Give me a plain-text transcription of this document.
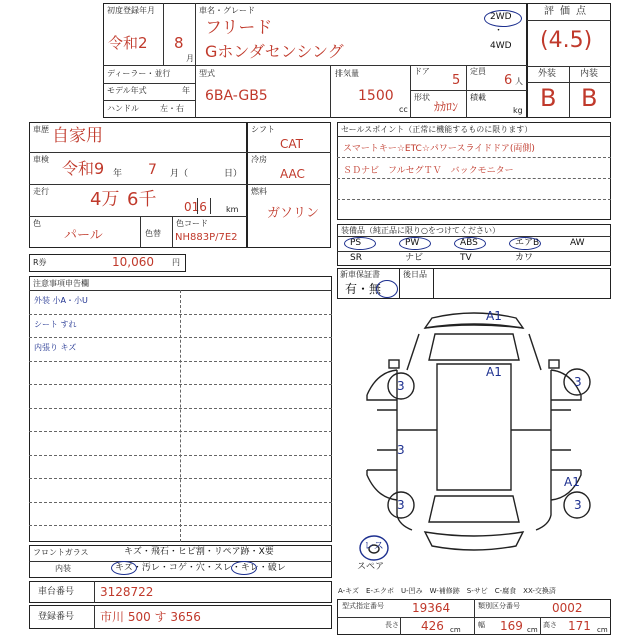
初度登録年月
令和2 8
月
車名・グレード
フリード
Gホンダセンシング
2WD
・
4WD
ディーラー・並行
モデル年式	年
ハンドル	左・右
型式
6BA-GB5
排気量
1500
cc
ドア
5
定員
6 人
形状
ｶｶﾛﾝ
積載
kg
評価点
(4.5)
外装	内装
B B
車歴 自家用
車検 令和9 年 7 月（	日）
走行 4万 6千 016 km
色
パール	色替
色コード
NH883P/7E2
シフト
CAT
冷房
AAC
燃料
ガソリン
セールスポイント（正常に機能するものに限ります）
スマートキー☆ETC☆パワースライドドア(両側)
ＳＤナビ　フルセグＴＶ　バックモニター
装備品（純正品に限り○をつけてください）
PS	PW	ABS	エアB	AW
SR	ナビ	TV	カワ
新車保証書	後日品
有・無
R券	10,060 円
注意事項申告欄
外装 小A・小U
シート すれ
内張り キズ
A1
A1
A1
3	3
3
3	3
レス
スペア
フロントガラス	キズ・飛石・ヒビ割・リペア跡・X要
内装	キズ・汚レ・コゲ・穴・スレ・キレ・破レ
車台番号 3128722
登録番号 市川 500 す 3656
A-キズ　E-エクボ　U-凹み　W-補修跡　S-サビ　C-腐食　XX-交換済
型式指定番号 19364	類別区分番号	0002
長さ 426 cm
幅 169 cm
高さ 171 cm
